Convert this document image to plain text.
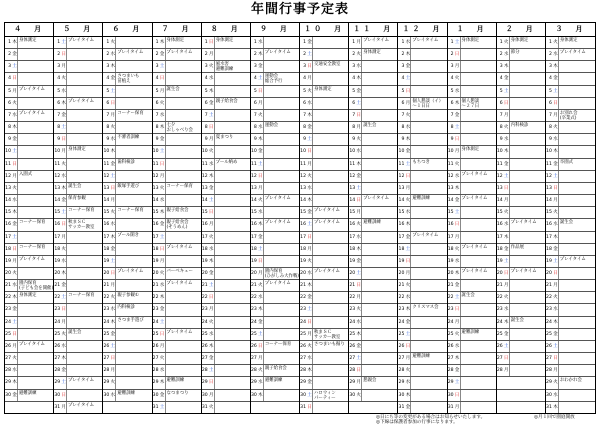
年間行事予定表
４　月
1 木 身体測定
2 金
3 土
4 日
5 月 プレイタイム
6 火
7 水 プレイタイム
8 木
9 金
10 土
11 日
12 月 入園式
13 火
14 水
15 木
16 金 コーナー保育
17 土
18 日 コーナー保育
19 月 プレイタイム
20 火
21 水 園内保育
(子ども会を開催)
22 木 身体測定
23 金
24 土
25 日
26 月 プレイタイム
27 火
28 水
29 木
30 金 避難訓練
５　月
1 土 プレイタイム
2 日
3 月
4 火
5 水
6 木 プレイタイム
7 金
8 土
9 日
10 月 身体測定
11 火
12 水
13 木 誕生会
14 金 保育参観
15 土 コーナー保育
16 日 秋まＳＣ
サッカー教室
17 月
18 火
19 水
20 木
21 金
22 土 コーナー保育
23 日
24 月
25 火 誕生会
26 水
27 木
28 金
29 土 プレイタイム
30 日
31 月 プレイタイム
６　月
1 火
2 水 プレイタイム
3 木
4 金 さつまいも
苗植え
5 土
6 日
7 月 コーナー保育
8 火
9 水 不審者訓練
10 木
11 金 歯科検診
12 土
13 日 飯塚手遊び
14 月
15 火 コーナー保育
16 水
17 木 プール開き
18 金
19 土
20 日 プレイタイム
21 月
22 火 親子参観①
23 水 内科検診
24 木 さつま手遊び
25 金
26 土
27 日
28 月
29 火
30 水 避難訓練
７　月
1 木 身体測定
2 金 プレイタイム
3 土
4 日
5 月 誕生会
6 火
7 水
8 木 七夕
おしゃべり会
9 金
10 土
11 日
12 月
13 火 コーナー保育
14 水
15 木 親子給食会
16 金 親子給食会
(そうめん)
17 土
18 日 プレイタイム
19 月
20 火 バーベキュー
21 水 プレイタイム
22 木
23 金
24 土
25 日 プレイタイム
26 月
27 火
28 水
29 木 避難訓練
30 金 なつまつり
31 土
８　月
1 日 身体測定
2 月
3 火 風水害
避難訓練
4 水
5 木
6 金 親子給食会
7 土
8 日
9 月 夏まつり
10 火
11 水 プール納め
12 木
13 金
14 土
15 日
16 月
17 火
18 水
19 木
20 金
21 土
22 日
23 月
24 火
25 水
26 木
27 金
28 土
29 日
30 月
31 火
９　月
1 水
2 木 プレイタイム
3 金
4 土 運動会
総合予行
5 日
6 月
7 火
8 水 運動会
9 木
10 金
11 土
12 日
13 月
14 火 プレイタイム
15 水
16 木 プレイタイム
17 金
18 土
19 日
20 月 園内保育
(ひがしみ大作戦)
21 火 プレイタイム
22 水
23 木
24 金
25 土
26 日 コーナー保育
27 月
28 火 親子給食会
29 水 避難訓練
30 木
１０　月
1 金
2 土
3 日 交通安全教室
4 月
5 火 身体測定
6 水
7 木
8 金
9 土
10 日
11 月
12 火
13 水
14 木
15 金 プレイタイム
16 土 プレイタイム
17 日
18 月
19 火
20 水 プレイタイム
21 木
22 金
23 土
24 日
25 月 秋まＳＣ
サッカー教室
26 火 さつまいも掘り
27 水
28 木
29 金
30 土 ハロウィン
パーティー
31 日
１１　月
1 月 プレイタイム
2 火 身体測定
3 水
4 木
5 金
6 土
7 日
8 月 誕生会
9 火
10 水
11 木
12 金
13 土
14 日 プレイタイム
15 月
16 火 避難訓練
17 水
18 木
19 金
20 土
21 日
22 月
23 火
24 水
25 木
26 金
27 土
28 日
29 月 懇親会
30 火
１２　月
1 水 プレイタイム
2 木
3 金
4 土
5 日
6 月 個人懇談（イ）
～１日日
7 火
8 水
9 木
10 金
11 土 もちつき
12 日
13 月
14 火 避難訓練
15 水
16 木
17 金 プレイタイム
18 土
19 日
20 月
21 火
22 水
23 木 クリスマス会
24 金
25 土
26 日
27 月 避難訓練
28 火
29 水
30 木
31 金
１　月
1 土 身体測定
2 日
3 月
4 火
5 水
6 木 個人懇談
～２７日
7 金
8 土
9 日
10 月 身体測定
11 火
12 水 プレイタイム
13 木
14 金 プレイタイム
15 土
16 日
17 月
18 火 プレイタイム
19 水
20 木 プレイタイム
21 金
22 土 誕生会
23 日
24 月
25 火 避難訓練
26 水
27 木
28 金
29 土
30 日
31 月
２　月
1 火 身体測定
2 水 節分
3 木
4 金
5 土
6 日
7 月
8 火 内科検診
9 水
10 木
11 金
12 土
13 日
14 月
15 火
16 水 プレイタイム
17 木
18 金 作品展
19 土
20 日 プレイタイム
21 月
22 火
23 水
24 木 誕生会
25 金
26 土
27 日
28 月
３　月
1 火 身体測定
2 水 プレイタイム
3 木
4 金
5 土
6 日
7 月 お別れ会
(卒業式)
8 火
9 水
10 木
11 金 卒園式
12 土
13 日
14 月
15 火
16 水 誕生会
17 木
18 金
19 土 プレイタイム
20 日
21 月
22 火
23 水
24 木
25 金
26 土
27 日
28 月
29 火 おわかれ会
30 水
31 木
◎日にち等の変更がある場合はお知らせいたします。
◎下線は保護者参加の行事になります。
◎月１回で園庭開放
